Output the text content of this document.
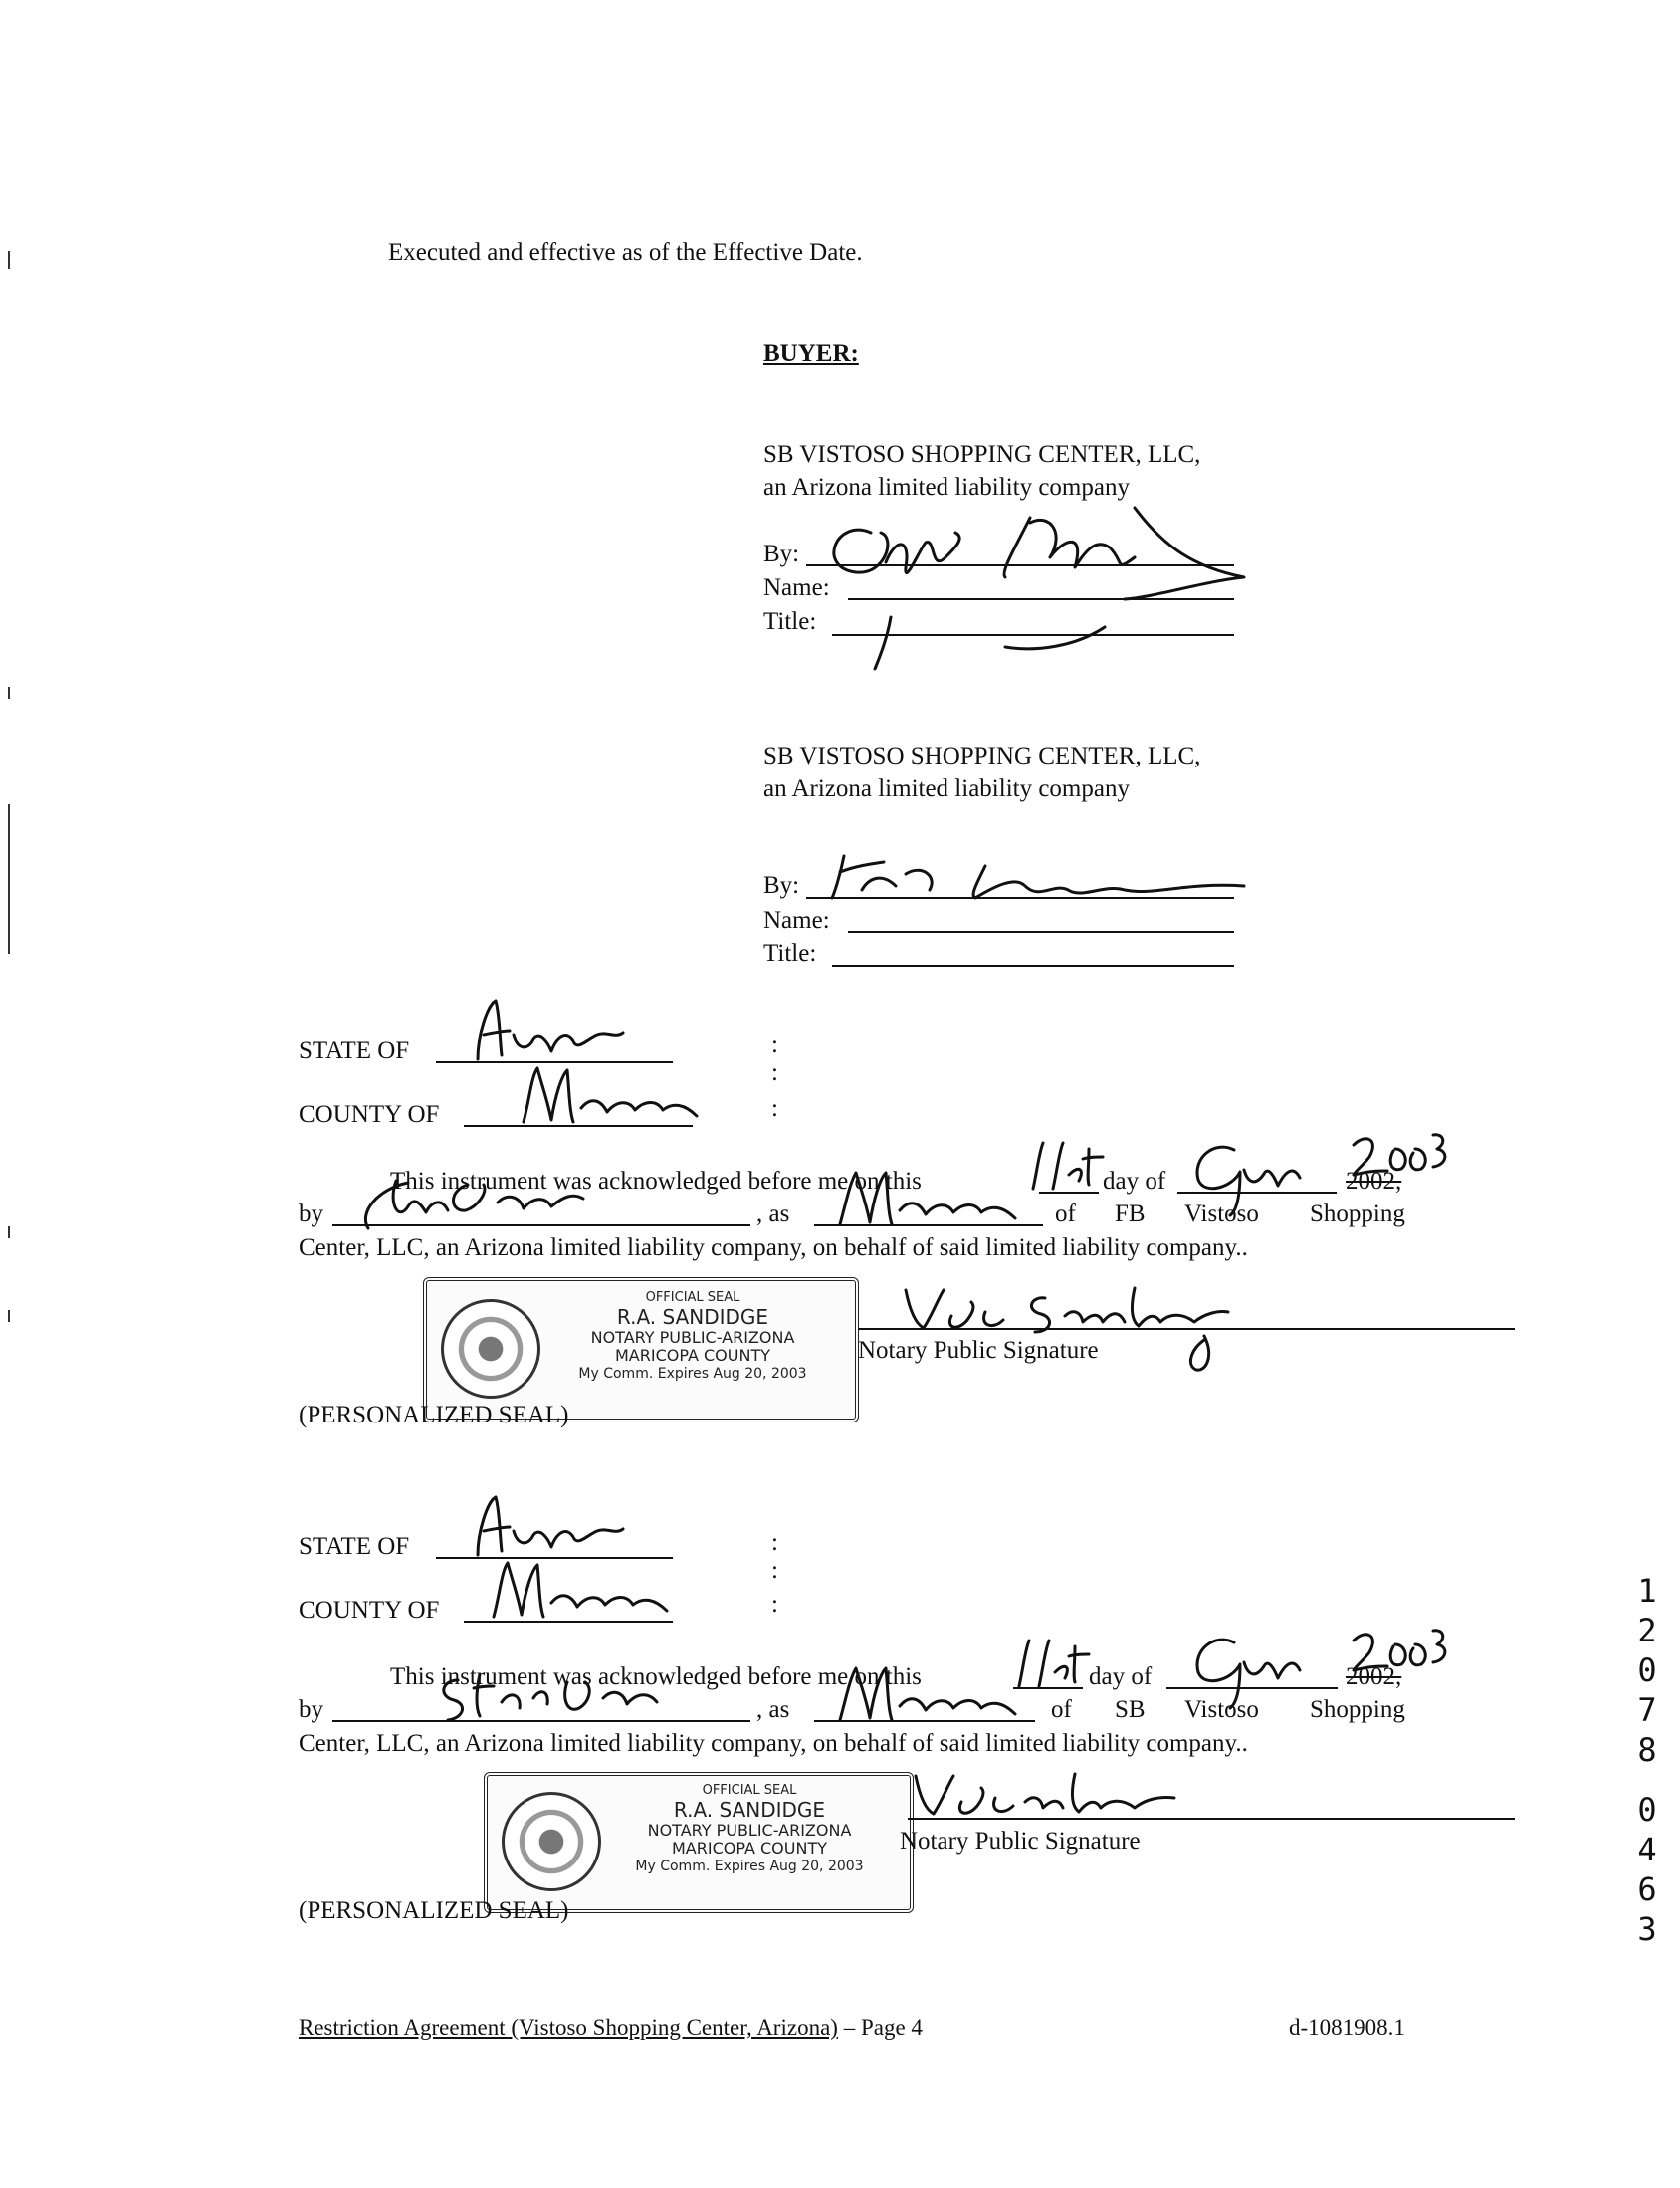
Executed and effective as of the Effective Date.
BUYER:
SB VISTOSO SHOPPING CENTER, LLC,
an Arizona limited liability company
By:
Name:
Title:
SB VISTOSO SHOPPING CENTER, LLC,
an Arizona limited liability company
By:
Name:
Title:
STATE OF	:
:
:
COUNTY OF
This instrument was acknowledged before me on this	day of	2002,
by	, as	of FB Vistoso Shopping
Center, LLC, an Arizona limited liability company, on behalf of said limited liability company..
OFFICIAL SEAL
R.A. SANDIDGE
NOTARY PUBLIC-ARIZONA
MARICOPA COUNTY
My Comm. Expires Aug 20, 2003
Notary Public Signature
(PERSONALIZED SEAL)
STATE OF	:
:
:
COUNTY OF
This instrument was acknowledged before me on this	day of	2002,
by	, as	of SB Vistoso Shopping
Center, LLC, an Arizona limited liability company, on behalf of said limited liability company..
OFFICIAL SEAL
R.A. SANDIDGE
NOTARY PUBLIC-ARIZONA
MARICOPA COUNTY
My Comm. Expires Aug 20, 2003
Notary Public Signature
(PERSONALIZED SEAL)
Restriction Agreement (Vistoso Shopping Center, Arizona) – Page 4	d-1081908.1
1
2
0
7
8
0
4
6
3
